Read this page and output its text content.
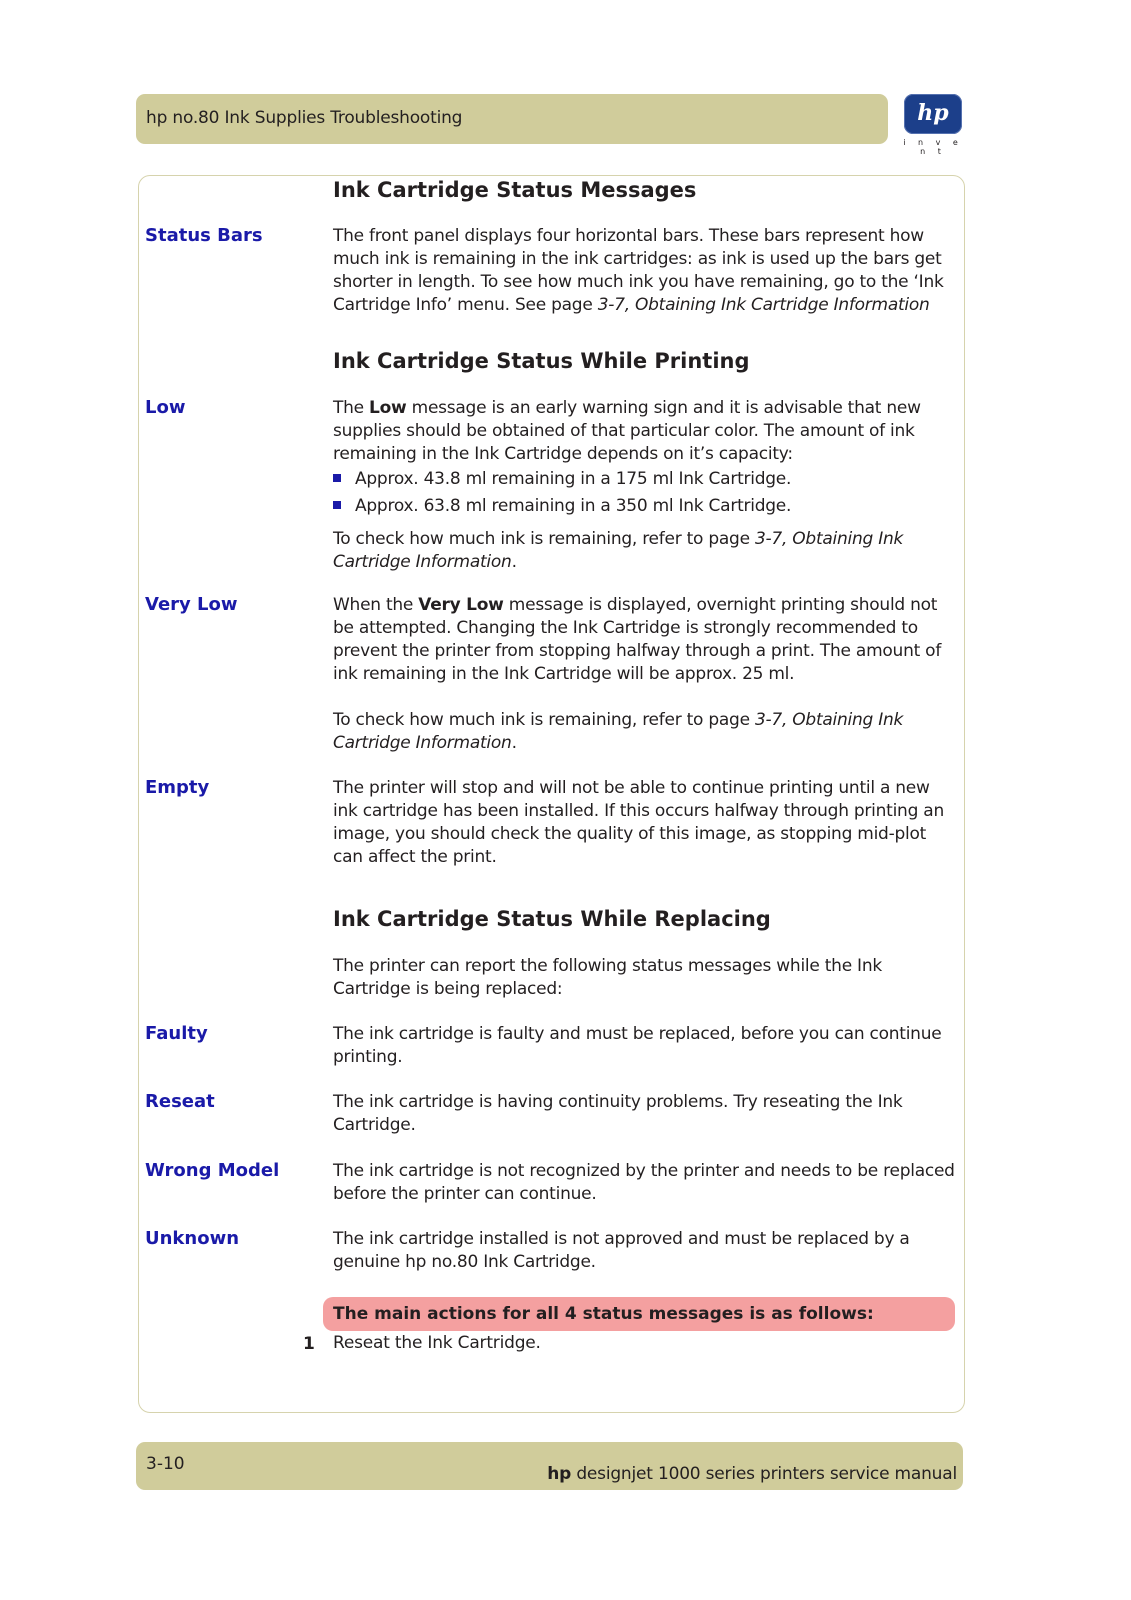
hp no.80 Ink Supplies Troubleshooting	hp
i n v e n t
Ink Cartridge Status Messages
Status Bars	The front panel displays four horizontal bars. These bars represent how much ink is remaining in the ink cartridges: as ink is used up the bars get shorter in length. To see how much ink you have remaining, go to the ‘Ink Cartridge Info’ menu. See page 3-7, Obtaining Ink Cartridge Information
Ink Cartridge Status While Printing
Low	The Low message is an early warning sign and it is advisable that new supplies should be obtained of that particular color. The amount of ink remaining in the Ink Cartridge depends on it’s capacity:
Approx. 43.8 ml remaining in a 175 ml Ink Cartridge.
Approx. 63.8 ml remaining in a 350 ml Ink Cartridge.
To check how much ink is remaining, refer to page 3-7, Obtaining Ink Cartridge Information.
Very Low	When the Very Low message is displayed, overnight printing should not be attempted. Changing the Ink Cartridge is strongly recommended to prevent the printer from stopping halfway through a print. The amount of ink remaining in the Ink Cartridge will be approx. 25 ml.
To check how much ink is remaining, refer to page 3-7, Obtaining Ink Cartridge Information.
Empty	The printer will stop and will not be able to continue printing until a new ink cartridge has been installed. If this occurs halfway through printing an image, you should check the quality of this image, as stopping mid-plot can affect the print.
Ink Cartridge Status While Replacing
The printer can report the following status messages while the Ink Cartridge is being replaced:
Faulty	The ink cartridge is faulty and must be replaced, before you can continue printing.
Reseat	The ink cartridge is having continuity problems. Try reseating the Ink Cartridge.
Wrong Model	The ink cartridge is not recognized by the printer and needs to be replaced before the printer can continue.
Unknown	The ink cartridge installed is not approved and must be replaced by a genuine hp no.80 Ink Cartridge.
The main actions for all 4 status messages is as follows:
1 Reseat the Ink Cartridge.
3-10	hp designjet 1000 series printers service manual
